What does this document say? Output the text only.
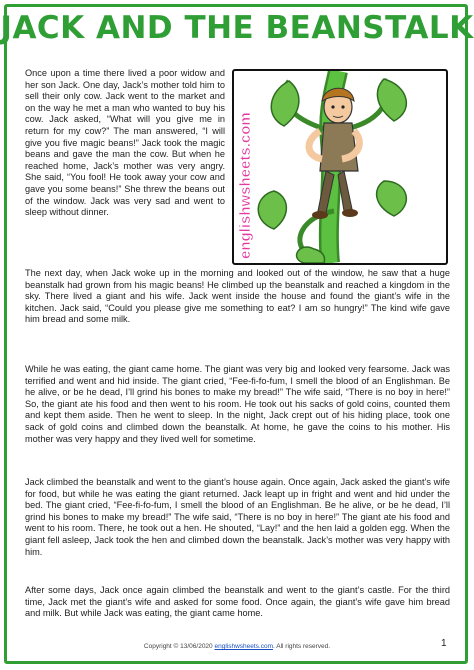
JACK AND THE BEANSTALK
Once upon a time there lived a poor widow and her son Jack. One day, Jack’s mother told him to sell their only cow. Jack went to the market and on the way he met a man who wanted to buy his cow. Jack asked, “What will you give me in return for my cow?” The man answered, “I will give you five magic beans!” Jack took the magic beans and gave the man the cow. But when he reached home, Jack’s mother was very angry. She said, “You fool! He took away your cow and gave you some beans!” She threw the beans out of the window. Jack was very sad and went to sleep without dinner.	englishwsheets.com
The next day, when Jack woke up in the morning and looked out of the window, he saw that a huge beanstalk had grown from his magic beans! He climbed up the beanstalk and reached a kingdom in the sky. There lived a giant and his wife. Jack went inside the house and found the giant’s wife in the kitchen. Jack said, “Could you please give me something to eat? I am so hungry!” The kind wife gave him bread and some milk.
While he was eating, the giant came home. The giant was very big and looked very fearsome. Jack was terrified and went and hid inside. The giant cried, “Fee-fi-fo-fum, I smell the blood of an Englishman. Be he alive, or be he dead, I’ll grind his bones to make my bread!” The wife said, “There is no boy in here!” So, the giant ate his food and then went to his room. He took out his sacks of gold coins, counted them and kept them aside. Then he went to sleep. In the night, Jack crept out of his hiding place, took one sack of gold coins and climbed down the beanstalk. At home, he gave the coins to his mother. His mother was very happy and they lived well for sometime.
Jack climbed the beanstalk and went to the giant’s house again. Once again, Jack asked the giant’s wife for food, but while he was eating the giant returned. Jack leapt up in fright and went and hid under the bed. The giant cried, “Fee-fi-fo-fum, I smell the blood of an Englishman. Be he alive, or be he dead, I’ll grind his bones to make my bread!” The wife said, “There is no boy in here!” The giant ate his food and went to his room. There, he took out a hen. He shouted, “Lay!” and the hen laid a golden egg. When the giant fell asleep, Jack took the hen and climbed down the beanstalk. Jack’s mother was very happy with him.
After some days, Jack once again climbed the beanstalk and went to the giant’s castle. For the third time, Jack met the giant’s wife and asked for some food. Once again, the giant’s wife gave him bread and milk. But while Jack was eating, the giant came home.
Copyright © 13/06/2020 englishwsheets.com. All rights reserved.	1
